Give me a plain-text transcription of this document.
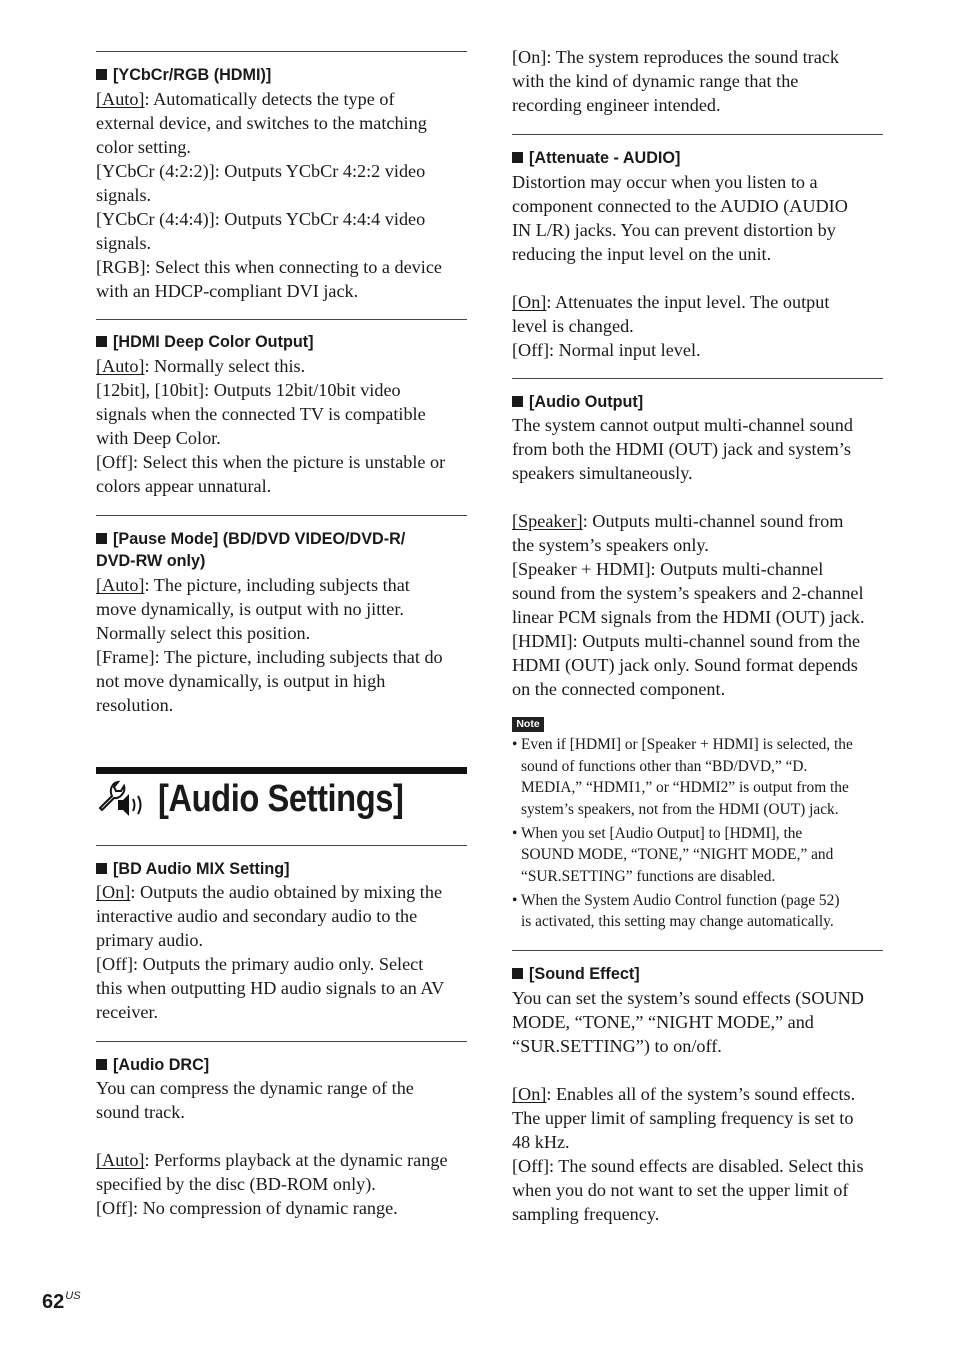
[YCbCr/RGB (HDMI)]
[Auto]: Automatically detects the type of
external device, and switches to the matching
color setting.
[YCbCr (4:2:2)]: Outputs YCbCr 4:2:2 video
signals.
[YCbCr (4:4:4)]: Outputs YCbCr 4:4:4 video
signals.
[RGB]: Select this when connecting to a device
with an HDCP-compliant DVI jack.
[HDMI Deep Color Output]
[Auto]: Normally select this.
[12bit], [10bit]: Outputs 12bit/10bit video
signals when the connected TV is compatible
with Deep Color.
[Off]: Select this when the picture is unstable or
colors appear unnatural.
[Pause Mode] (BD/DVD VIDEO/DVD-R/
DVD-RW only)
[Auto]: The picture, including subjects that
move dynamically, is output with no jitter.
Normally select this position.
[Frame]: The picture, including subjects that do
not move dynamically, is output in high
resolution.
[Audio Settings]
[BD Audio MIX Setting]
[On]: Outputs the audio obtained by mixing the
interactive audio and secondary audio to the
primary audio.
[Off]: Outputs the primary audio only. Select
this when outputting HD audio signals to an AV
receiver.
[Audio DRC]
You can compress the dynamic range of the
sound track.
[Auto]: Performs playback at the dynamic range
specified by the disc (BD-ROM only).
[Off]: No compression of dynamic range.
[On]: The system reproduces the sound track
with the kind of dynamic range that the
recording engineer intended.
[Attenuate - AUDIO]
Distortion may occur when you listen to a
component connected to the AUDIO (AUDIO
IN L/R) jacks. You can prevent distortion by
reducing the input level on the unit.
[On]: Attenuates the input level. The output
level is changed.
[Off]: Normal input level.
[Audio Output]
The system cannot output multi-channel sound
from both the HDMI (OUT) jack and system’s
speakers simultaneously.
[Speaker]: Outputs multi-channel sound from
the system’s speakers only.
[Speaker + HDMI]: Outputs multi-channel
sound from the system’s speakers and 2-channel
linear PCM signals from the HDMI (OUT) jack.
[HDMI]: Outputs multi-channel sound from the
HDMI (OUT) jack only. Sound format depends
on the connected component.
Note
• Even if [HDMI] or [Speaker + HDMI] is selected, the
sound of functions other than “BD/DVD,” “D.
MEDIA,” “HDMI1,” or “HDMI2” is output from the
system’s speakers, not from the HDMI (OUT) jack.
• When you set [Audio Output] to [HDMI], the
SOUND MODE, “TONE,” “NIGHT MODE,” and
“SUR.SETTING” functions are disabled.
• When the System Audio Control function (page 52)
is activated, this setting may change automatically.
[Sound Effect]
You can set the system’s sound effects (SOUND
MODE, “TONE,” “NIGHT MODE,” and
“SUR.SETTING”) to on/off.
[On]: Enables all of the system’s sound effects.
The upper limit of sampling frequency is set to
48 kHz.
[Off]: The sound effects are disabled. Select this
when you do not want to set the upper limit of
sampling frequency.
$62^{US}$
